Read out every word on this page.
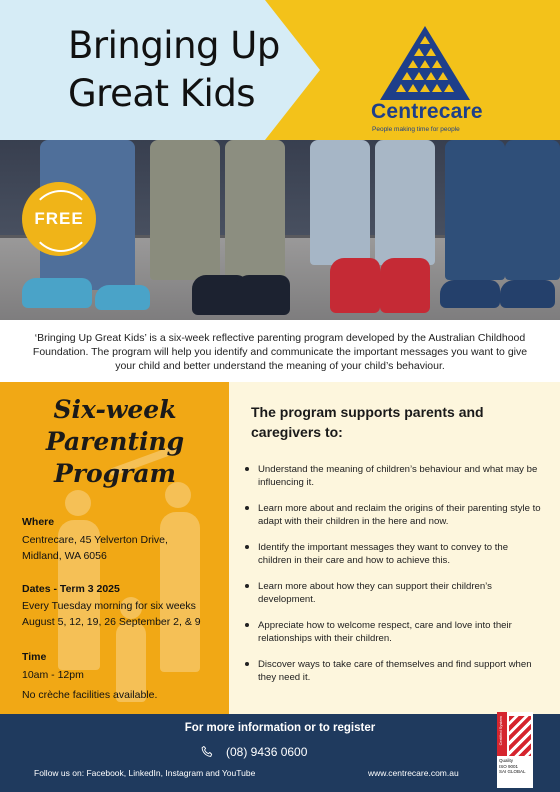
Bringing Up
Great Kids	Centrecare
People making time for people
FREE
‘Bringing Up Great Kids’ is a six-week reflective parenting program developed by the Australian Childhood Foundation. The program will help you identify and communicate the important messages you want to give your child and better understand the meaning of your child’s behaviour.
Six-week
Parenting
Program
Where
Centrecare, 45 Yelverton Drive,
Midland, WA 6056
Dates - Term 3 2025
Every Tuesday morning for six weeks
August 5, 12, 19, 26 September 2, & 9
Time
10am - 12pm
No crèche facilities available.
The program supports parents and caregivers to:
Understand the meaning of children’s behaviour and what may be influencing it.
Learn more about and reclaim the origins of their parenting style to adapt with their children in the here and now.
Identify the important messages they want to convey to the children in their care and how to achieve this.
Learn more about how they can support their children’s development.
Appreciate how to welcome respect, care and love into their relationships with their children.
Discover ways to take care of themselves and find support when they need it.
For more information or to register
(08) 9436 0600
Follow us on: Facebook, LinkedIn, Instagram and YouTube	www.centrecare.com.au
Certified System
Quality
ISO 9001
SAI GLOBAL
